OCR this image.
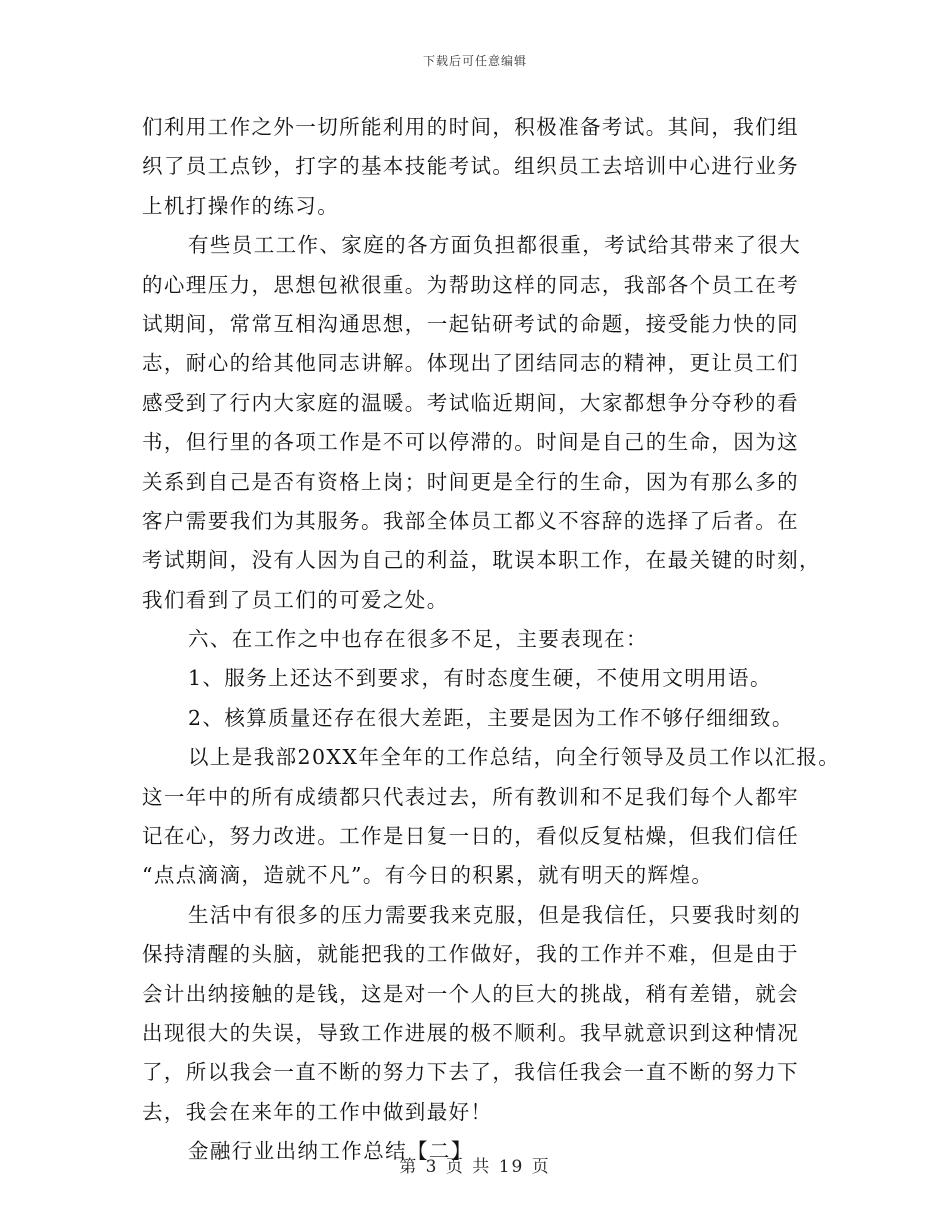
下载后可任意编辑
们利用工作之外一切所能利用的时间，积极准备考试。其间，我们组
织了员工点钞，打字的基本技能考试。组织员工去培训中心进行业务
上机打操作的练习。
有些员工工作、家庭的各方面负担都很重，考试给其带来了很大
的心理压力，思想包袱很重。为帮助这样的同志，我部各个员工在考
试期间，常常互相沟通思想，一起钻研考试的命题，接受能力快的同
志，耐心的给其他同志讲解。体现出了团结同志的精神，更让员工们
感受到了行内大家庭的温暖。考试临近期间，大家都想争分夺秒的看
书，但行里的各项工作是不可以停滞的。时间是自己的生命，因为这
关系到自己是否有资格上岗；时间更是全行的生命，因为有那么多的
客户需要我们为其服务。我部全体员工都义不容辞的选择了后者。在
考试期间，没有人因为自己的利益，耽误本职工作，在最关键的时刻，
我们看到了员工们的可爱之处。
六、在工作之中也存在很多不足，主要表现在：
1、服务上还达不到要求，有时态度生硬，不使用文明用语。
2、核算质量还存在很大差距，主要是因为工作不够仔细细致。
以上是我部20XX年全年的工作总结，向全行领导及员工作以汇报。
这一年中的所有成绩都只代表过去，所有教训和不足我们每个人都牢
记在心，努力改进。工作是日复一日的，看似反复枯燥，但我们信任
“点点滴滴，造就不凡”。有今日的积累，就有明天的辉煌。
生活中有很多的压力需要我来克服，但是我信任，只要我时刻的
保持清醒的头脑，就能把我的工作做好，我的工作并不难，但是由于
会计出纳接触的是钱，这是对一个人的巨大的挑战，稍有差错，就会
出现很大的失误，导致工作进展的极不顺利。我早就意识到这种情况
了，所以我会一直不断的努力下去了，我信任我会一直不断的努力下
去，我会在来年的工作中做到最好！
金融行业出纳工作总结【二】
第 3 页 共 19 页
